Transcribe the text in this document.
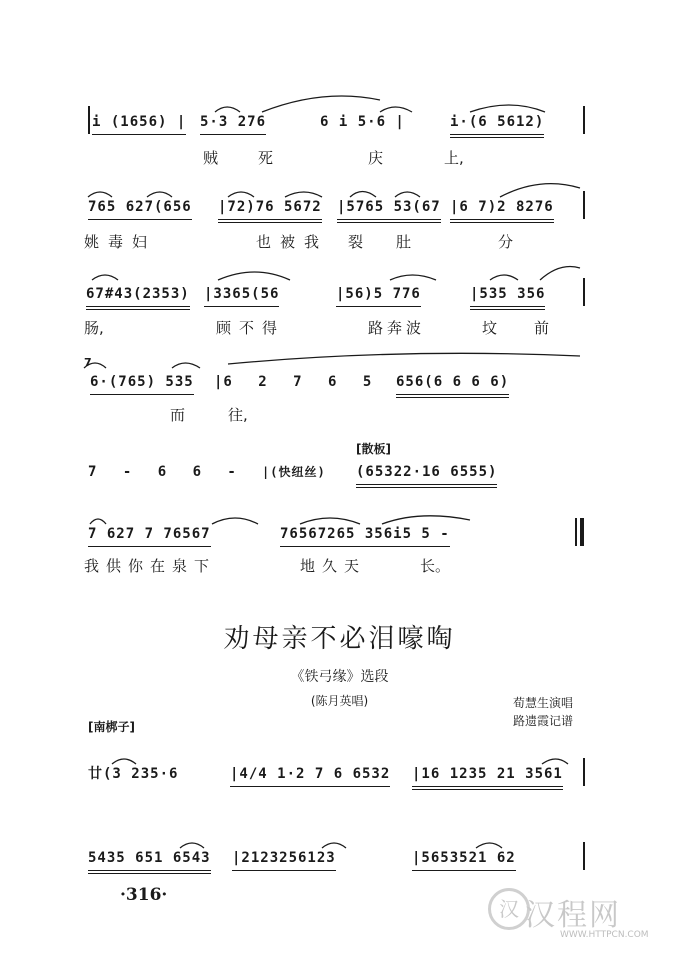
i (1656) | 5·3 276	6 i 5·6 |	i·(6 5612)
贼	死	庆	上,
765 627(656 |72)76 5672 |5765 53(67 |6 7)2 8276
姚毒妇	也被我 裂 肚	分
67#43(2353) |3365(56	|56)5 776	|535 356
肠,	顾不得	路奔波	坟 前
7
6·(765) 535 |6 2 7 6 5 656(6 6 6 6)
而	往,
[散板]
7 - 6 6 - |(快纽丝) (65322·16 6555)
7 627 7 76567	76567265 356i5 5 -
我供你在泉下	地久天	长。
劝母亲不必泪嚎啕
《铁弓缘》选段
(陈月英唱)	荀慧生演唱
路遗霞记谱
[南梆子]
廿(3 235·6	|4/4 1·2 7 6 6532 |16 1235 21 3561
5435 651 6543 |2123256123	|5653521 62
·316·
汉 汉程网
WWW.HTTPCN.COM
